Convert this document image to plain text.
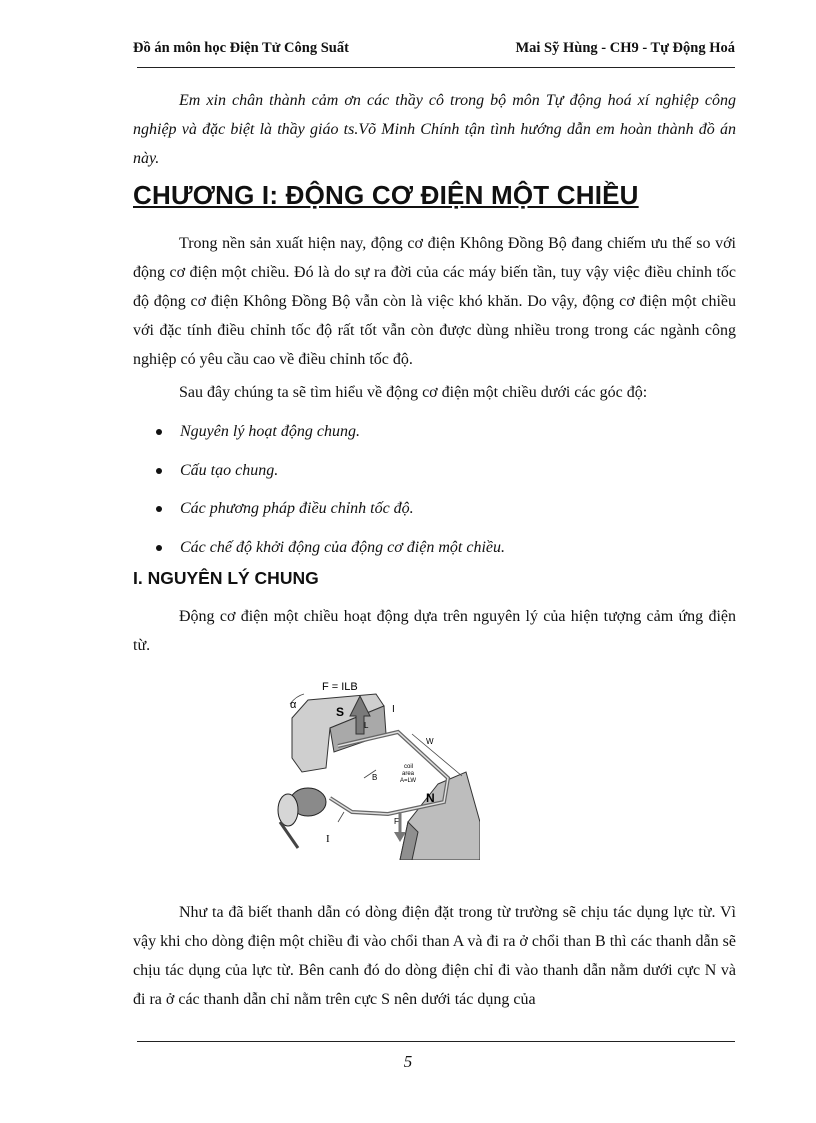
Đồ án môn học Điện Tử Công Suất	Mai Sỹ Hùng - CH9 - Tự Động Hoá

Em xin chân thành cảm ơn các thầy cô trong bộ môn Tự động hoá xí nghiệp công nghiệp và đặc biệt là thầy giáo ts.Võ Minh Chính tận tình hướng dẫn em hoàn thành đồ án này.

CHƯƠNG I: ĐỘNG CƠ ĐIỆN MỘT CHIỀU

Trong nền sản xuất hiện nay, động cơ điện Không Đồng Bộ đang chiếm ưu thế so với động cơ điện một chiều. Đó là do sự ra đời của các máy biến tần, tuy vậy việc điều chỉnh tốc độ động cơ điện Không Đồng Bộ vẫn còn là việc khó khăn. Do vậy, động cơ điện một chiều với đặc tính điều chỉnh tốc độ rất tốt vẫn còn được dùng nhiều trong trong các ngành công nghiệp có yêu cầu cao về điều chỉnh tốc độ.

Sau đây chúng ta sẽ tìm hiểu về động cơ điện một chiều dưới các góc độ:

Nguyên lý hoạt động chung.
Cấu tạo chung.
Các phương pháp điều chỉnh tốc độ.
Các chế độ khởi động của động cơ điện một chiều.
I. NGUYÊN LÝ CHUNG

Động cơ điện một chiều hoạt động dựa trên nguyên lý của hiện tượng cảm ứng điện từ.

F = ILB
α	S
N
I
I
L
W
B
F
coil
area
A=LW

Như ta đã biết thanh dẫn có dòng điện đặt trong từ trường sẽ chịu tác dụng lực từ. Vì vậy khi cho dòng điện một chiều đi vào chổi than A và đi ra ở chổi than B thì các thanh dẫn sẽ chịu tác dụng của lực từ. Bên canh đó do dòng điện chỉ đi vào thanh dẫn nằm dưới cực N và đi ra ở các thanh dẫn chỉ nằm trên cực S nên dưới tác dụng của

5
